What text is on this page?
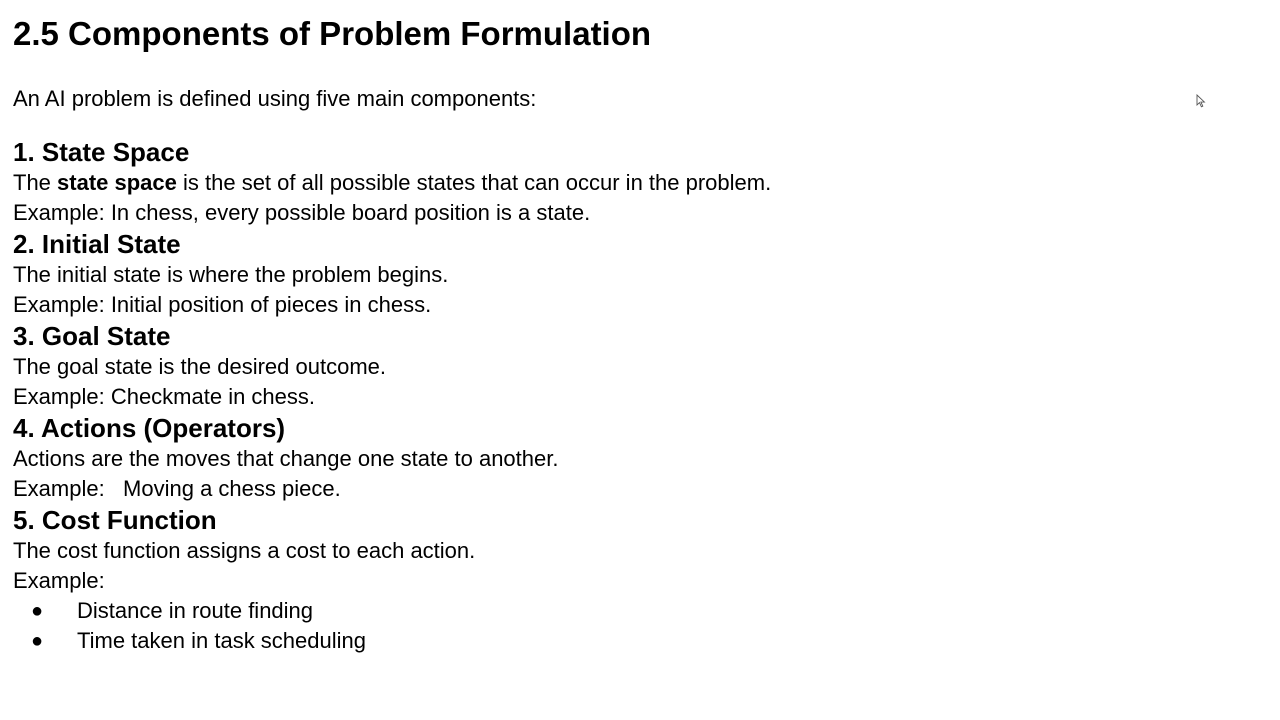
2.5 Components of Problem Formulation

An AI problem is defined using five main components:

1. State Space

The state space is the set of all possible states that can occur in the problem.

Example: In chess, every possible board position is a state.

2. Initial State

The initial state is where the problem begins.

Example: Initial position of pieces in chess.

3. Goal State

The goal state is the desired outcome.

Example: Checkmate in chess.

4. Actions (Operators)

Actions are the moves that change one state to another.

Example:   Moving a chess piece.

5. Cost Function

The cost function assigns a cost to each action.

Example:

● Distance in route finding
● Time taken in task scheduling
